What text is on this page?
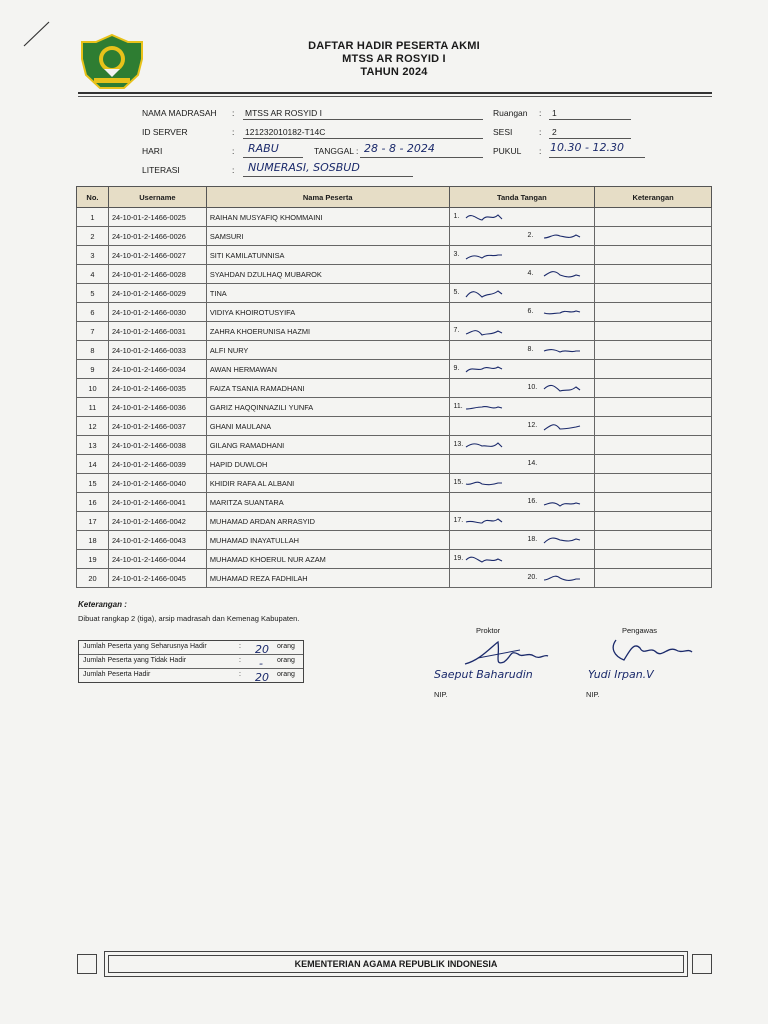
DAFTAR HADIR PESERTA AKMI
MTSS AR ROSYID I
TAHUN 2024
NAMA MADRASAH : MTSS AR ROSYID I
ID SERVER	: 121232010182-T14C
HARI	: RABU	TANGGAL : 28 - 8 - 2024
LITERASI	: NUMERASI, SOSBUD
Ruangan : 1
SESI	: 2
PUKUL : 10.30 - 12.30
No.	Username	Nama Peserta	Tanda Tangan	Keterangan
1	24-10-01-2-1466-0025	RAIHAN MUSYAFIQ KHOMMAINI	1.	

2	24-10-01-2-1466-0026	SAMSURI	2.	

3	24-10-01-2-1466-0027	SITI KAMILATUNNISA	3.	

4	24-10-01-2-1466-0028	SYAHDAN DZULHAQ MUBAROK	4.	

5	24-10-01-2-1466-0029	TINA	5.	

6	24-10-01-2-1466-0030	VIDIYA KHOIROTUSYIFA	6.	

7	24-10-01-2-1466-0031	ZAHRA KHOERUNISA HAZMI	7.	

8	24-10-01-2-1466-0033	ALFI NURY	8.	

9	24-10-01-2-1466-0034	AWAN HERMAWAN	9.	

10	24-10-01-2-1466-0035	FAIZA TSANIA RAMADHANI	10.	

11	24-10-01-2-1466-0036	GARIZ HAQQINNAZILI YUNFA	11.	

12	24-10-01-2-1466-0037	GHANI MAULANA	12.	

13	24-10-01-2-1466-0038	GILANG RAMADHANI	13.	

14	24-10-01-2-1466-0039	HAPID DUWLOH	14.	

15	24-10-01-2-1466-0040	KHIDIR RAFA AL ALBANI	15.	

16	24-10-01-2-1466-0041	MARITZA SUANTARA	16.	

17	24-10-01-2-1466-0042	MUHAMAD ARDAN ARRASYID	17.	

18	24-10-01-2-1466-0043	MUHAMAD INAYATULLAH	18.	

19	24-10-01-2-1466-0044	MUHAMAD KHOERUL NUR AZAM	19.	

20	24-10-01-2-1466-0045	MUHAMAD REZA FADHILAH	20.	

Keterangan :
Dibuat rangkap 2 (tiga), arsip madrasah dan Kemenag Kabupaten.
Jumlah Peserta yang Seharusnya Hadir	: 20 orang
Jumlah Peserta yang Tidak Hadir	: - orang
Jumlah Peserta Hadir	: 20 orang
Proktor
Saeput Baharudin
NIP.
Pengawas
Yudi Irpan.V
NIP.
KEMENTERIAN AGAMA REPUBLIK INDONESIA
